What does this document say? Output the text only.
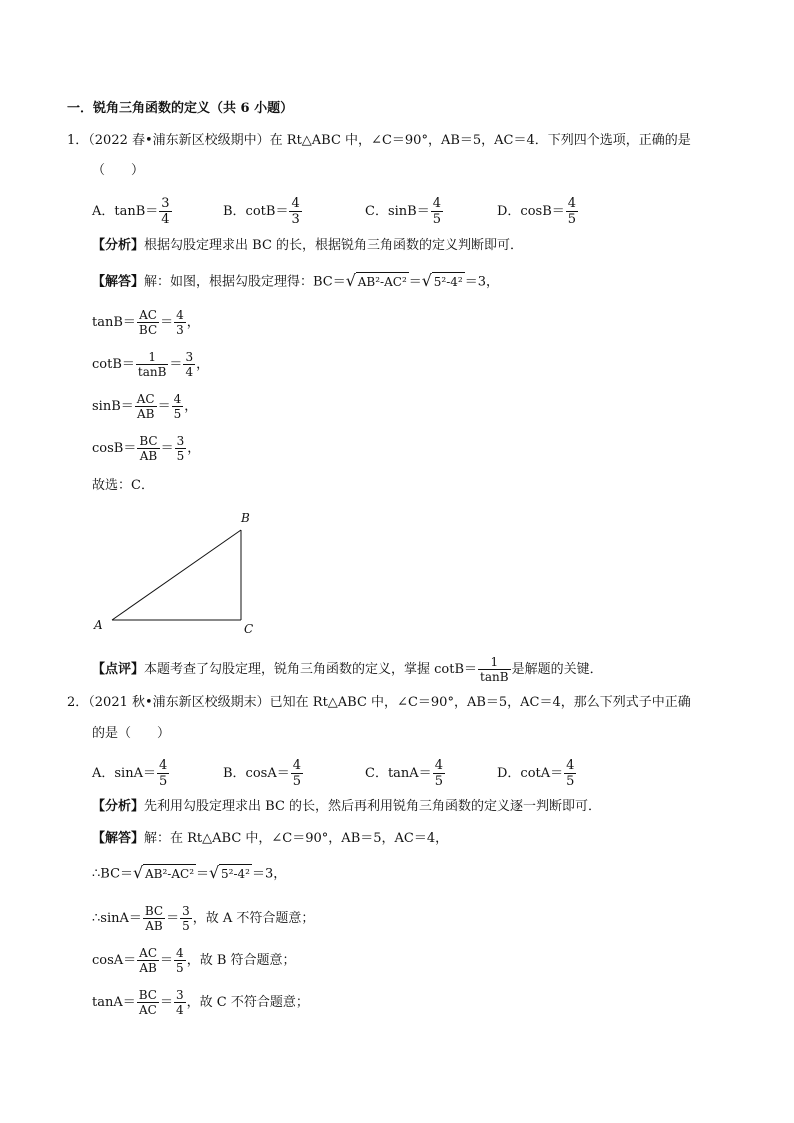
一．锐角三角函数的定义（共 6 小题）
1．（2022 春•浦东新区校级期中）在 Rt△ABC 中，∠C＝90°，AB＝5，AC＝4．下列四个选项，正确的是
（　　）
A．$\tan B= \frac{3}{4}$	B．$\cot B= \frac{4}{3}$	C．$\sin B= \frac{4}{5}$	D．$\cos B= \frac{4}{5}$
【分析】根据勾股定理求出 BC 的长，根据锐角三角函数的定义判断即可．
【解答】解：如图，根据勾股定理得：BC＝ √ AB²-AC² ＝ √ 5²-4² ＝3，
$\tan B= \frac{AC}{BC} = \frac{4}{3}$ ，
$\cot B= \frac{1}{\tan B} = \frac{3}{4}$ ，
$\sin B= \frac{AC}{AB} = \frac{4}{5}$ ，
$\cos B= \frac{BC}{AB} = \frac{3}{5}$ ，
故选：C．
A
B
C
【点评】本题考查了勾股定理，锐角三角函数的定义，掌握 $\cot B= \frac{1}{\tan B}$ 是解题的关键．
2．（2021 秋•浦东新区校级期末）已知在 Rt△ABC 中，∠C＝90°，AB＝5，AC＝4，那么下列式子中正确
的是（　　）
A．$\sin A= \frac{4}{5}$	B．$\cos A= \frac{4}{5}$	C．$\tan A= \frac{4}{5}$	D．$\cot A= \frac{4}{5}$
【分析】先利用勾股定理求出 BC 的长，然后再利用锐角三角函数的定义逐一判断即可．
【解答】解：在 Rt△ABC 中，∠C＝90°，AB＝5，AC＝4，
∴BC＝ √ AB²-AC² ＝ √ 5²-4² ＝3，
∴sinA＝ $\frac{BC}{AB} = \frac{3}{5}$ ，故 A 不符合题意；
$\cos A= \frac{AC}{AB} = \frac{4}{5}$ ，故 B 符合题意；
$\tan A= \frac{BC}{AC} = \frac{3}{4}$ ，故 C 不符合题意；
